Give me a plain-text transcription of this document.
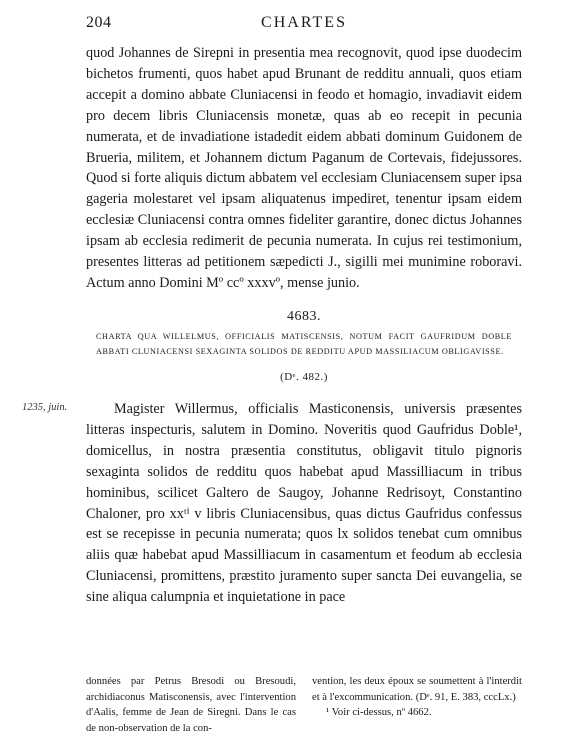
204	CHARTES

quod Johannes de Sirepni in presentia mea recognovit, quod ipse duodecim bichetos frumenti, quos habet apud Brunant de redditu annuali, quos etiam accepit a domino abbate Cluniacensi in feodo et homagio, invadiavit eidem pro decem libris Cluniacensis monetæ, quas ab eo recepit in pecunia numerata, et de invadiatione istadedit eidem abbati dominum Guidonem de Brueria, militem, et Johannem dictum Paganum de Cortevais, fidejussores. Quod si forte aliquis dictum abbatem vel ecclesiam Cluniacensem super ipsa gageria molestaret vel ipsam aliquatenus impediret, tenentur ipsam eidem ecclesiæ Cluniacensi contra omnes fideliter garantire, donec dictus Johannes ipsam ab ecclesia redimerit de pecunia numerata. In cujus rei testimonium, presentes litteras ad petitionem sæpedicti J., sigilli mei munimine roboravi. Actum anno Domini Mº ccº xxxvº, mense junio.

4683.
CHARTA QUA WILLELMUS, OFFICIALIS MATISCENSIS, NOTUM FACIT GAUFRIDUM DOBLE ABBATI CLUNIACENSI SEXAGINTA SOLIDOS DE REDDITU APUD MASSILIACUM OBLIGAVISSE.
(Dᵉ. 482.)
1235, juin.	Magister Willermus, officialis Masticonensis, universis præsentes litteras inspecturis, salutem in Domino. Noveritis quod Gaufridus Doble¹, domicellus, in nostra præsentia constitutus, obligavit titulo pignoris sexaginta solidos de redditu quos habebat apud Massilliacum in tribus hominibus, scilicet Galtero de Saugoy, Johanne Redrisoyt, Constantino Chaloner, pro xxᵗⁱ v libris Cluniacensibus, quas dictus Gaufridus confessus est se recepisse in pecunia numerata; quos lx solidos tenebat cum omnibus aliis quæ habebat apud Massilliacum in casamentum et feodum ab ecclesia Cluniacensi, promittens, præstito juramento super sancta Dei euvangelia, se sine aliqua calumpnia et inquietatione in pace

données par Petrus Bresodi ou Bresoudi, archidiaconus Matisconensis, avec l'intervention d'Aalis, femme de Jean de Siregni. Dans le cas de non-observation de la con-

vention, les deux époux se soumettent à l'interdit et à l'excommunication. (Dᵉ. 91, E. 383, cccLx.)

¹ Voir ci-dessus, nº 4662.
